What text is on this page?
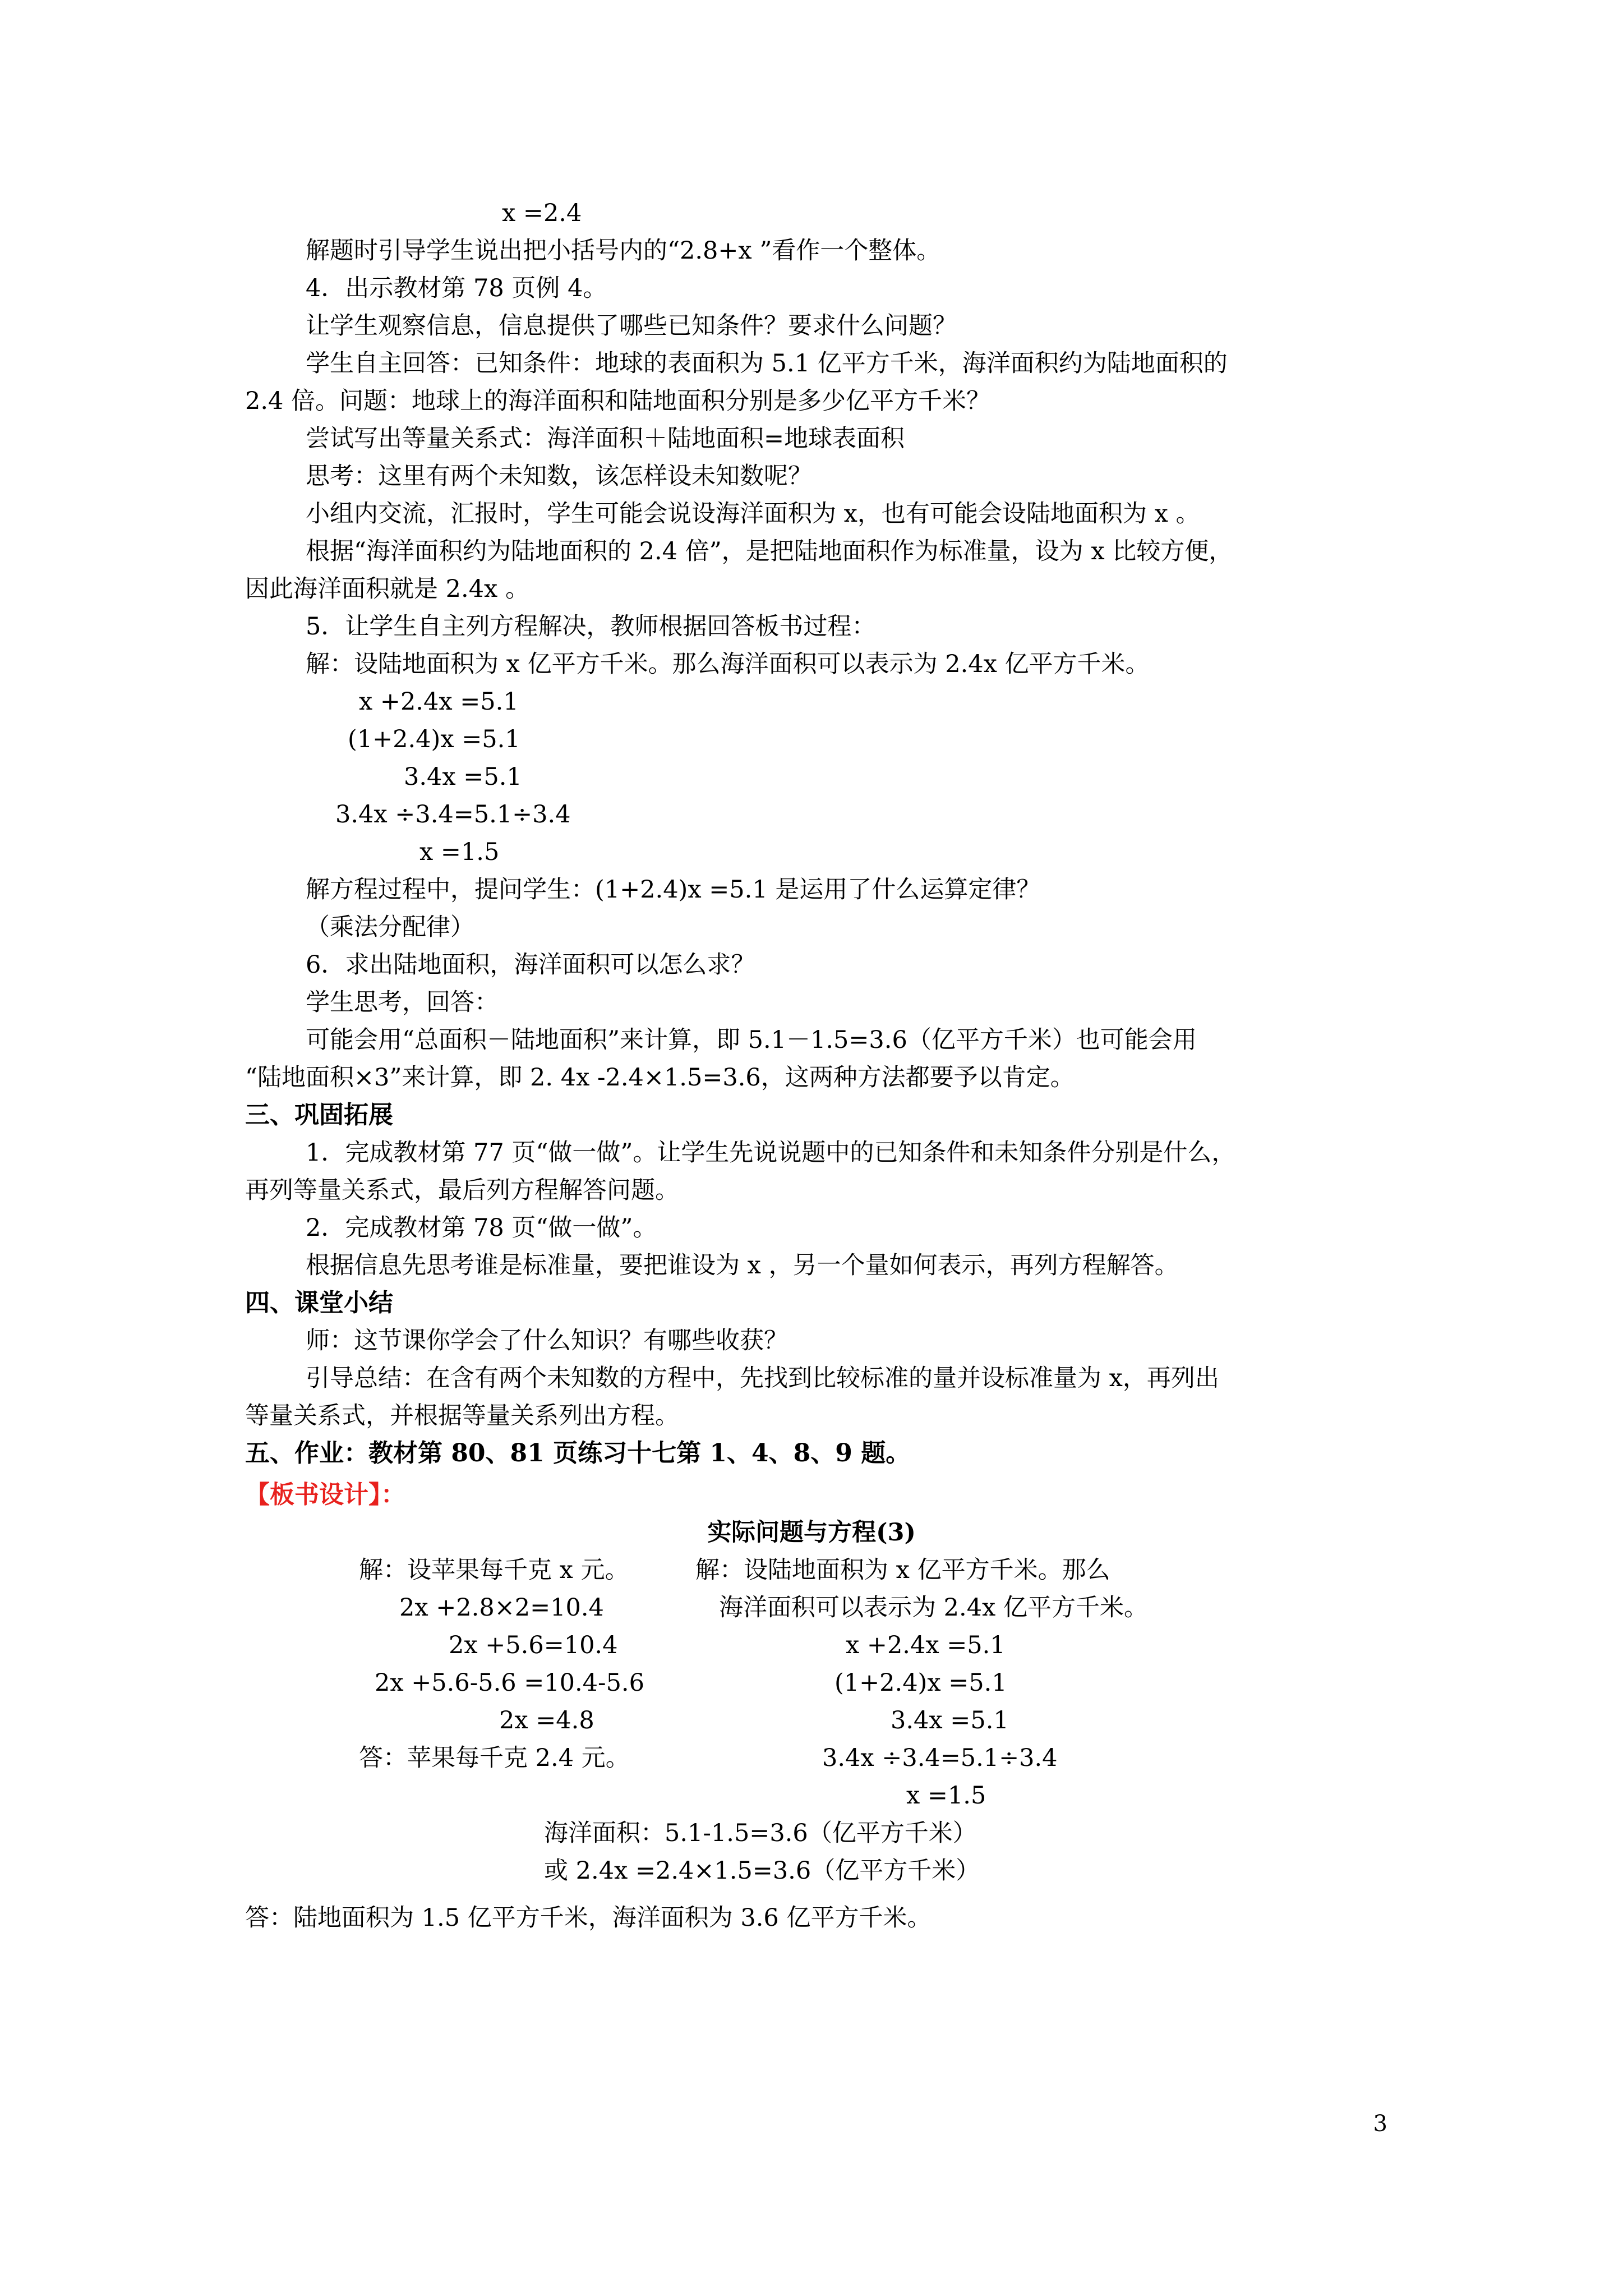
x =2.4
解题时引导学生说出把小括号内的“2.8+x ”看作一个整体。
4．出示教材第 78 页例 4。
让学生观察信息，信息提供了哪些已知条件？要求什么问题？
学生自主回答：已知条件：地球的表面积为 5.1 亿平方千米，海洋面积约为陆地面积的
2.4 倍。问题：地球上的海洋面积和陆地面积分别是多少亿平方千米？
尝试写出等量关系式：海洋面积＋陆地面积=地球表面积
思考：这里有两个未知数，该怎样设未知数呢？
小组内交流，汇报时，学生可能会说设海洋面积为 x，也有可能会设陆地面积为 x 。
根据“海洋面积约为陆地面积的 2.4 倍”，是把陆地面积作为标准量，设为 x 比较方便，
因此海洋面积就是 2.4x 。
5．让学生自主列方程解决，教师根据回答板书过程：
解：设陆地面积为 x 亿平方千米。那么海洋面积可以表示为 2.4x 亿平方千米。
x +2.4x =5.1
(1+2.4)x =5.1
3.4x =5.1
3.4x ÷3.4=5.1÷3.4
x =1.5
解方程过程中，提问学生：(1+2.4)x =5.1 是运用了什么运算定律？
（乘法分配律）
6．求出陆地面积，海洋面积可以怎么求？
学生思考，回答：
可能会用“总面积－陆地面积”来计算，即 5.1－1.5=3.6（亿平方千米）也可能会用
“陆地面积×3”来计算，即 2. 4x -2.4×1.5=3.6，这两种方法都要予以肯定。
三、巩固拓展
1．完成教材第 77 页“做一做”。让学生先说说题中的已知条件和未知条件分别是什么，
再列等量关系式，最后列方程解答问题。
2．完成教材第 78 页“做一做”。
根据信息先思考谁是标准量，要把谁设为 x ，另一个量如何表示，再列方程解答。
四、课堂小结
师：这节课你学会了什么知识？有哪些收获？
引导总结：在含有两个未知数的方程中，先找到比较标准的量并设标准量为 x，再列出
等量关系式，并根据等量关系列出方程。
五、作业：教材第 80、81 页练习十七第 1、4、8、9 题。
【板书设计】：
实际问题与方程(3)
解：设苹果每千克 x 元。
2x +2.8×2=10.4
2x +5.6=10.4
2x +5.6-5.6 =10.4-5.6
2x =4.8
答：苹果每千克 2.4 元。
解：设陆地面积为 x 亿平方千米。那么
海洋面积可以表示为 2.4x 亿平方千米。
x +2.4x =5.1
(1+2.4)x =5.1
3.4x =5.1
3.4x ÷3.4=5.1÷3.4
x =1.5
海洋面积：5.1-1.5=3.6（亿平方千米）
或 2.4x =2.4×1.5=3.6（亿平方千米）
答：陆地面积为 1.5 亿平方千米，海洋面积为 3.6 亿平方千米。
3
